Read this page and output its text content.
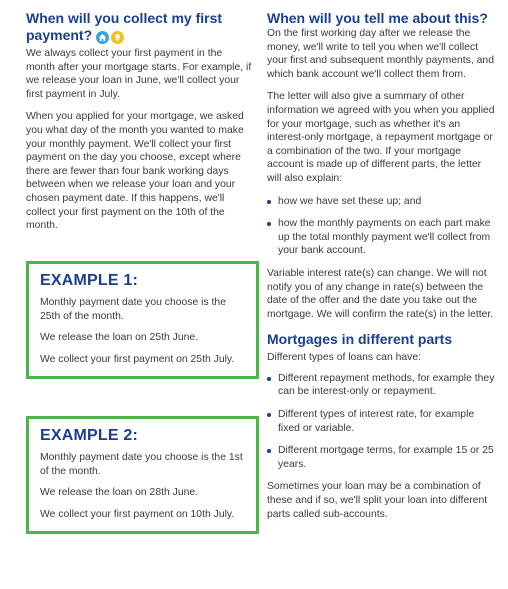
When will you collect my first payment?

We always collect your first payment in the month after your mortgage starts. For example, if we release your loan in June, we'll collect your first payment in July.

When you applied for your mortgage, we asked you what day of the month you wanted to make your monthly payment. We'll collect your first payment on the day you choose, except where there are fewer than four bank working days between when we release your loan and your chosen payment date. If this happens, we'll collect your first payment on the 10th of the month.

EXAMPLE 1:

Monthly payment date you choose is the 25th of the month.

We release the loan on 25th June.

We collect your first payment on 25th July.

EXAMPLE 2:

Monthly payment date you choose is the 1st of the month.

We release the loan on 28th June.

We collect your first payment on 10th July.

When will you tell me about this?

On the first working day after we release the money, we'll write to tell you when we'll collect your first and subsequent monthly payments, and which bank account we'll collect them from.

The letter will also give a summary of other information we agreed with you when you applied for your mortgage, such as whether it's an interest-only mortgage, a repayment mortgage or a combination of the two. If your mortgage account is made up of different parts, the letter will also explain:

how we have set these up; and
how the monthly payments on each part make up the total monthly payment we'll collect from your bank account.

Variable interest rate(s) can change. We will not notify you of any change in rate(s) between the date of the offer and the date you take out the mortgage. We will confirm the rate(s) in the letter.

Mortgages in different parts

Different types of loans can have:

Different repayment methods, for example they can be interest-only or repayment.
Different types of interest rate, for example fixed or variable.
Different mortgage terms, for example 15 or 25 years.

Sometimes your loan may be a combination of these and if so, we'll split your loan into different parts called sub-accounts.
